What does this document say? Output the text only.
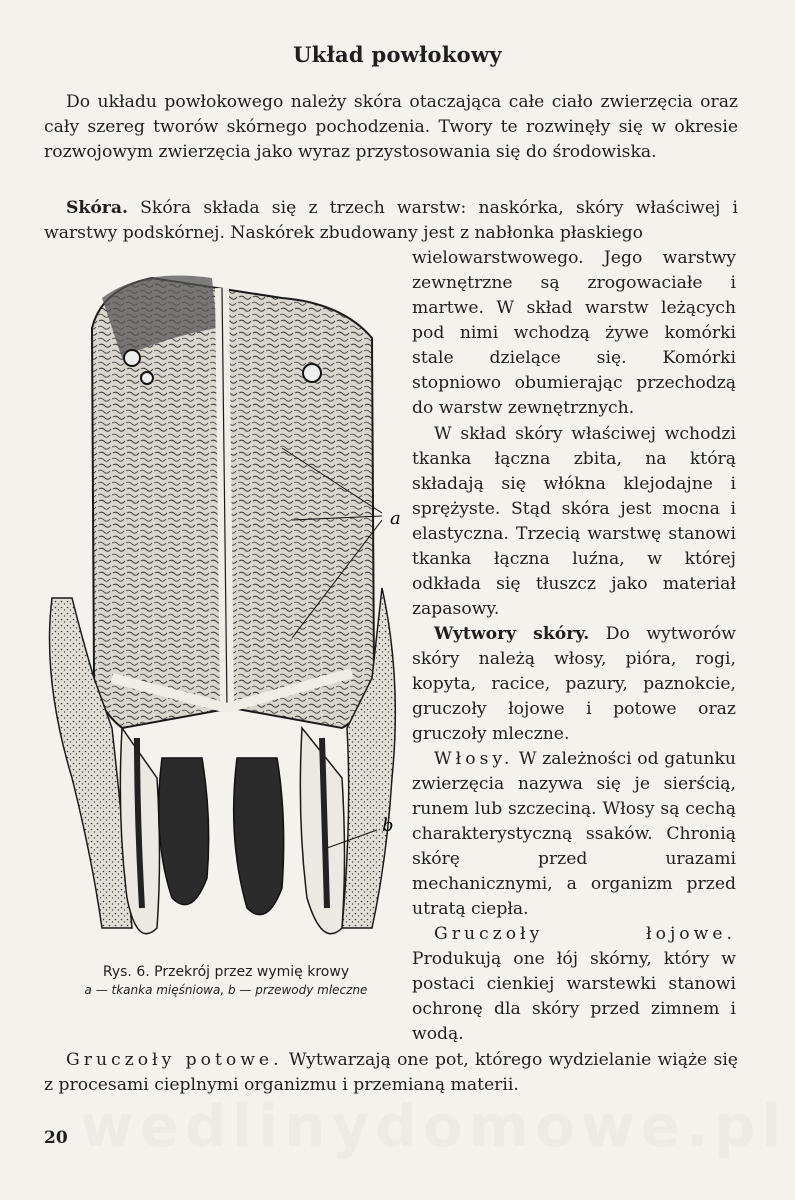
wedlinydomowe.pl
Układ powłokowy

Do układu powłokowego należy skóra otaczająca całe ciało zwierzęcia oraz cały szereg tworów skórnego pochodzenia. Twory te rozwinęły się w okresie rozwojowym zwierzęcia jako wyraz przystosowania się do środowiska.

Skóra. Skóra składa się z trzech warstw: naskórka, skóry właściwej i warstwy podskórnej. Naskórek zbudowany jest z nabłonka płaskiego

wielowarstwowego. Jego warstwy zewnętrzne są zrogowaciałe i martwe. W skład warstw leżących pod nimi wchodzą żywe komórki stale dzielące się. Komórki stopniowo obumierając przechodzą do warstw zewnętrznych.

W skład skóry właściwej wchodzi tkanka łączna zbita, na którą składają się włókna klejodajne i sprężyste. Stąd skóra jest mocna i elastyczna. Trzecią warstwę stanowi tkanka łączna luźna, w której odkłada się tłuszcz jako materiał zapasowy.

Wytwory skóry. Do wytworów skóry należą włosy, pióra, rogi, kopyta, racice, pazury, paznokcie, gruczoły łojowe i potowe oraz gruczoły mleczne.

Włosy. W zależności od gatunku zwierzęcia nazywa się je sierścią, runem lub szczeciną. Włosy są cechą charakterystyczną ssaków. Chronią skórę przed urazami mechanicznymi, a organizm przed utratą ciepła.

Gruczoły łojowe. Produkują one łój skórny, który w postaci cienkiej warstewki stanowi ochronę dla skóry przed zimnem i wodą.

Gruczoły potowe. Wytwarzają one pot, którego wydzielanie wiąże się z procesami cieplnymi organizmu i przemianą materii.

a
b
Rys. 6. Przekrój przez wymię krowy
a — tkanka mięśniowa, b — przewody mleczne
20
